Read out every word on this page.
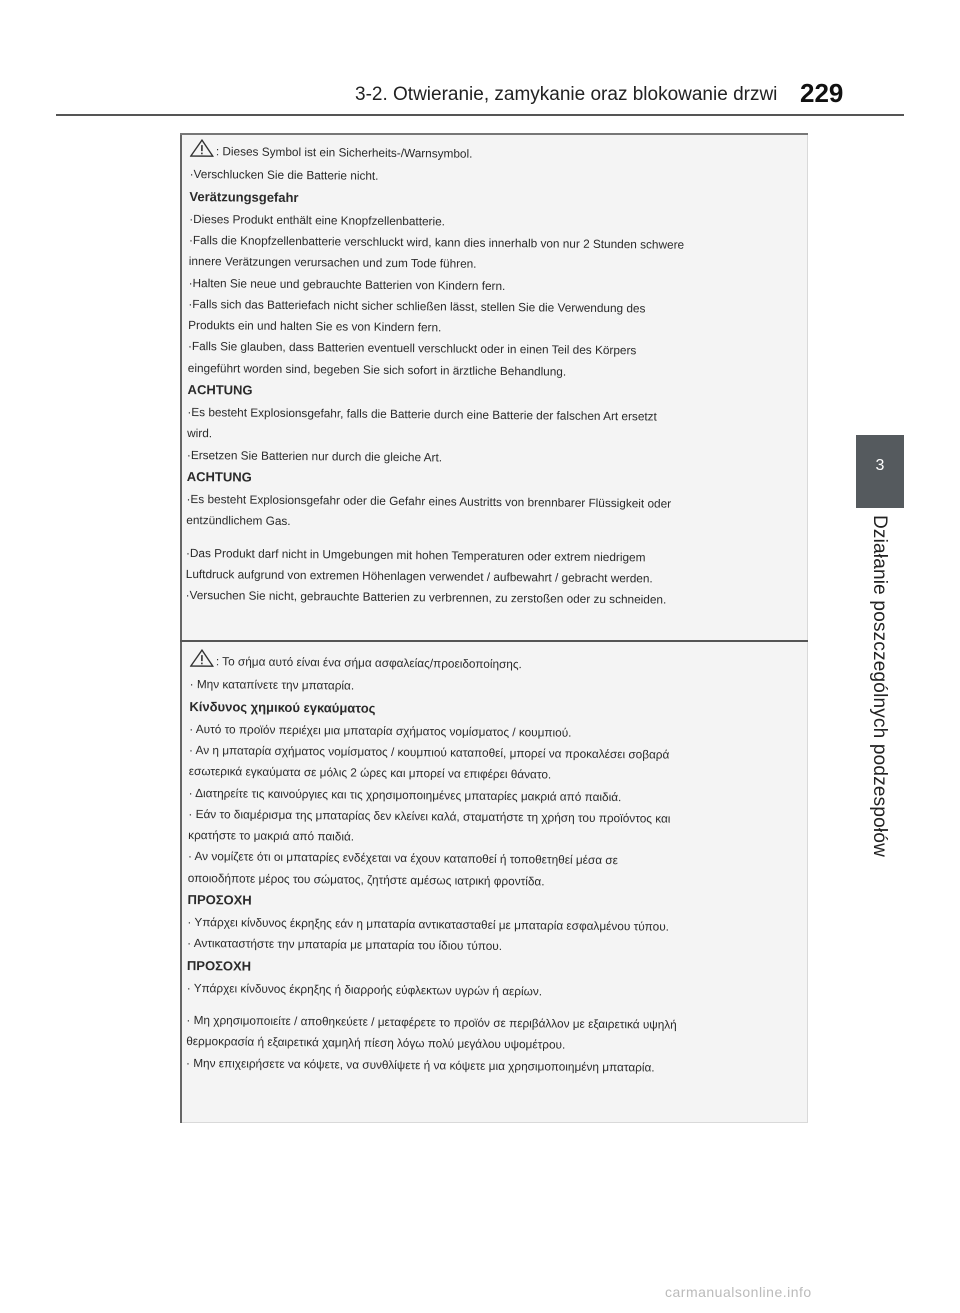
3-2. Otwieranie, zamykanie oraz blokowanie drzwi 229
3
Działanie poszczególnych podzespołów
: Dieses Symbol ist ein Sicherheits-/Warnsymbol.
·Verschlucken Sie die Batterie nicht.
Verätzungsgefahr
·Dieses Produkt enthält eine Knopfzellenbatterie.
·Falls die Knopfzellenbatterie verschluckt wird, kann dies innerhalb von nur 2 Stunden schwere
innere Verätzungen verursachen und zum Tode führen.
·Halten Sie neue und gebrauchte Batterien von Kindern fern.
·Falls sich das Batteriefach nicht sicher schließen lässt, stellen Sie die Verwendung des
Produkts ein und halten Sie es von Kindern fern.
·Falls Sie glauben, dass Batterien eventuell verschluckt oder in einen Teil des Körpers
eingeführt worden sind, begeben Sie sich sofort in ärztliche Behandlung.
ACHTUNG
·Es besteht Explosionsgefahr, falls die Batterie durch eine Batterie der falschen Art ersetzt
wird.
·Ersetzen Sie Batterien nur durch die gleiche Art.
ACHTUNG
·Es besteht Explosionsgefahr oder die Gefahr eines Austritts von brennbarer Flüssigkeit oder
entzündlichem Gas.
·Das Produkt darf nicht in Umgebungen mit hohen Temperaturen oder extrem niedrigem
Luftdruck aufgrund von extremen Höhenlagen verwendet / aufbewahrt / gebracht werden.
·Versuchen Sie nicht, gebrauchte Batterien zu verbrennen, zu zerstoßen oder zu schneiden.
: Το σήμα αυτό είναι ένα σήμα ασφαλείας/προειδοποίησης.
· Μην καταπίνετε την μπαταρία.
Κίνδυνος χημικού εγκαύματος
· Αυτό το προϊόν περιέχει μια μπαταρία σχήματος νομίσματος / κουμπιού.
· Αν η μπαταρία σχήματος νομίσματος / κουμπιού καταποθεί, μπορεί να προκαλέσει σοβαρά
εσωτερικά εγκαύματα σε μόλις 2 ώρες και μπορεί να επιφέρει θάνατο.
· Διατηρείτε τις καινούργιες και τις χρησιμοποιημένες μπαταρίες μακριά από παιδιά.
· Εάν το διαμέρισμα της μπαταρίας δεν κλείνει καλά, σταματήστε τη χρήση του προϊόντος και
κρατήστε το μακριά από παιδιά.
· Αν νομίζετε ότι οι μπαταρίες ενδέχεται να έχουν καταποθεί ή τοποθετηθεί μέσα σε
οποιοδήποτε μέρος του σώματος, ζητήστε αμέσως ιατρική φροντίδα.
ΠΡΟΣΟΧΗ
· Υπάρχει κίνδυνος έκρηξης εάν η μπαταρία αντικατασταθεί με μπαταρία εσφαλμένου τύπου.
· Αντικαταστήστε την μπαταρία με μπαταρία του ίδιου τύπου.
ΠΡΟΣΟΧΗ
· Υπάρχει κίνδυνος έκρηξης ή διαρροής εύφλεκτων υγρών ή αερίων.
· Μη χρησιμοποιείτε / αποθηκεύετε / μεταφέρετε το προϊόν σε περιβάλλον με εξαιρετικά υψηλή
θερμοκρασία ή εξαιρετικά χαμηλή πίεση λόγω πολύ μεγάλου υψομέτρου.
· Μην επιχειρήσετε να κόψετε, να συνθλίψετε ή να κόψετε μια χρησιμοποιημένη μπαταρία.
carmanualsonline.info
